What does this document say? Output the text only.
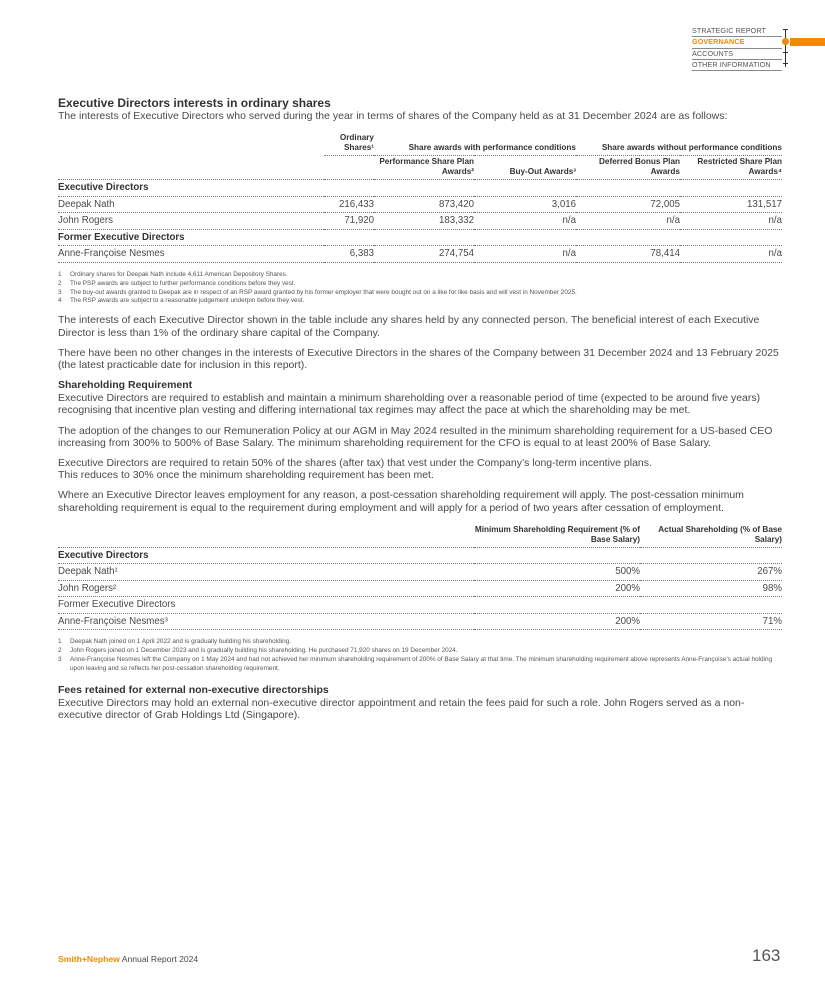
STRATEGIC REPORT
GOVERNANCE
ACCOUNTS
OTHER INFORMATION
Executive Directors interests in ordinary shares

The interests of Executive Directors who served during the year in terms of shares of the Company held as at 31 December 2024 are as follows:

	Ordinary Shares¹	Share awards with performance conditions		Share awards without performance conditions	
		Performance Share Plan Awards²	Buy-Out Awards³	Deferred Bonus Plan Awards	Restricted Share Plan Awards⁴
Executive Directors					
Deepak Nath	216,433	873,420	3,016	72,005	131,517
John Rogers	71,920	183,332	n/a	n/a	n/a
Former Executive Directors					
Anne-Françoise Nesmes	6,383	274,754	n/a	78,414	n/a
1 Ordinary shares for Deepak Nath include 4,611 American Depository Shares.
2 The PSP awards are subject to further performance conditions before they vest.
3 The buy-out awards granted to Deepak are in respect of an RSP award granted by his former employer that were bought out on a like for like basis and will vest in November 2025.
4 The RSP awards are subject to a reasonable judgement underpin before they vest.

The interests of each Executive Director shown in the table include any shares held by any connected person. The beneficial interest of each Executive Director is less than 1% of the ordinary share capital of the Company.

There have been no other changes in the interests of Executive Directors in the shares of the Company between 31 December 2024 and 13 February 2025 (the latest practicable date for inclusion in this report).

Shareholding Requirement

Executive Directors are required to establish and maintain a minimum shareholding over a reasonable period of time (expected to be around five years) recognising that incentive plan vesting and differing international tax regimes may affect the pace at which the shareholding may be met.

The adoption of the changes to our Remuneration Policy at our AGM in May 2024 resulted in the minimum shareholding requirement for a US-based CEO increasing from 300% to 500% of Base Salary. The minimum shareholding requirement for the CFO is equal to at least 200% of Base Salary.

Executive Directors are required to retain 50% of the shares (after tax) that vest under the Company’s long-term incentive plans.

This reduces to 30% once the minimum shareholding requirement has been met.

Where an Executive Director leaves employment for any reason, a post-cessation shareholding requirement will apply. The post-cessation minimum shareholding requirement is equal to the requirement during employment and will apply for a period of two years after cessation of employment.

	Minimum Shareholding Requirement (% of Base Salary)	Actual Shareholding (% of Base Salary)
Executive Directors		
Deepak Nath¹	500%	267%
John Rogers²	200%	98%
Former Executive Directors		
Anne-Françoise Nesmes³	200%	71%
1 Deepak Nath joined on 1 April 2022 and is gradually building his shareholding.
2 John Rogers joined on 1 December 2023 and is gradually building his shareholding. He purchased 71,920 shares on 19 December 2024.
3	Anne-Françoise Nesmes left the Company on 1 May 2024 and had not achieved her minimum shareholding requirement of 200% of Base Salary at that time. The minimum shareholding requirement above represents Anne-Françoise’s actual holding upon leaving and so reflects her post-cessation shareholding requirement.
Fees retained for external non-executive directorships

Executive Directors may hold an external non-executive director appointment and retain the fees paid for such a role. John Rogers served as a non-executive director of Grab Holdings Ltd (Singapore).

Smith+Nephew Annual Report 2024	163
